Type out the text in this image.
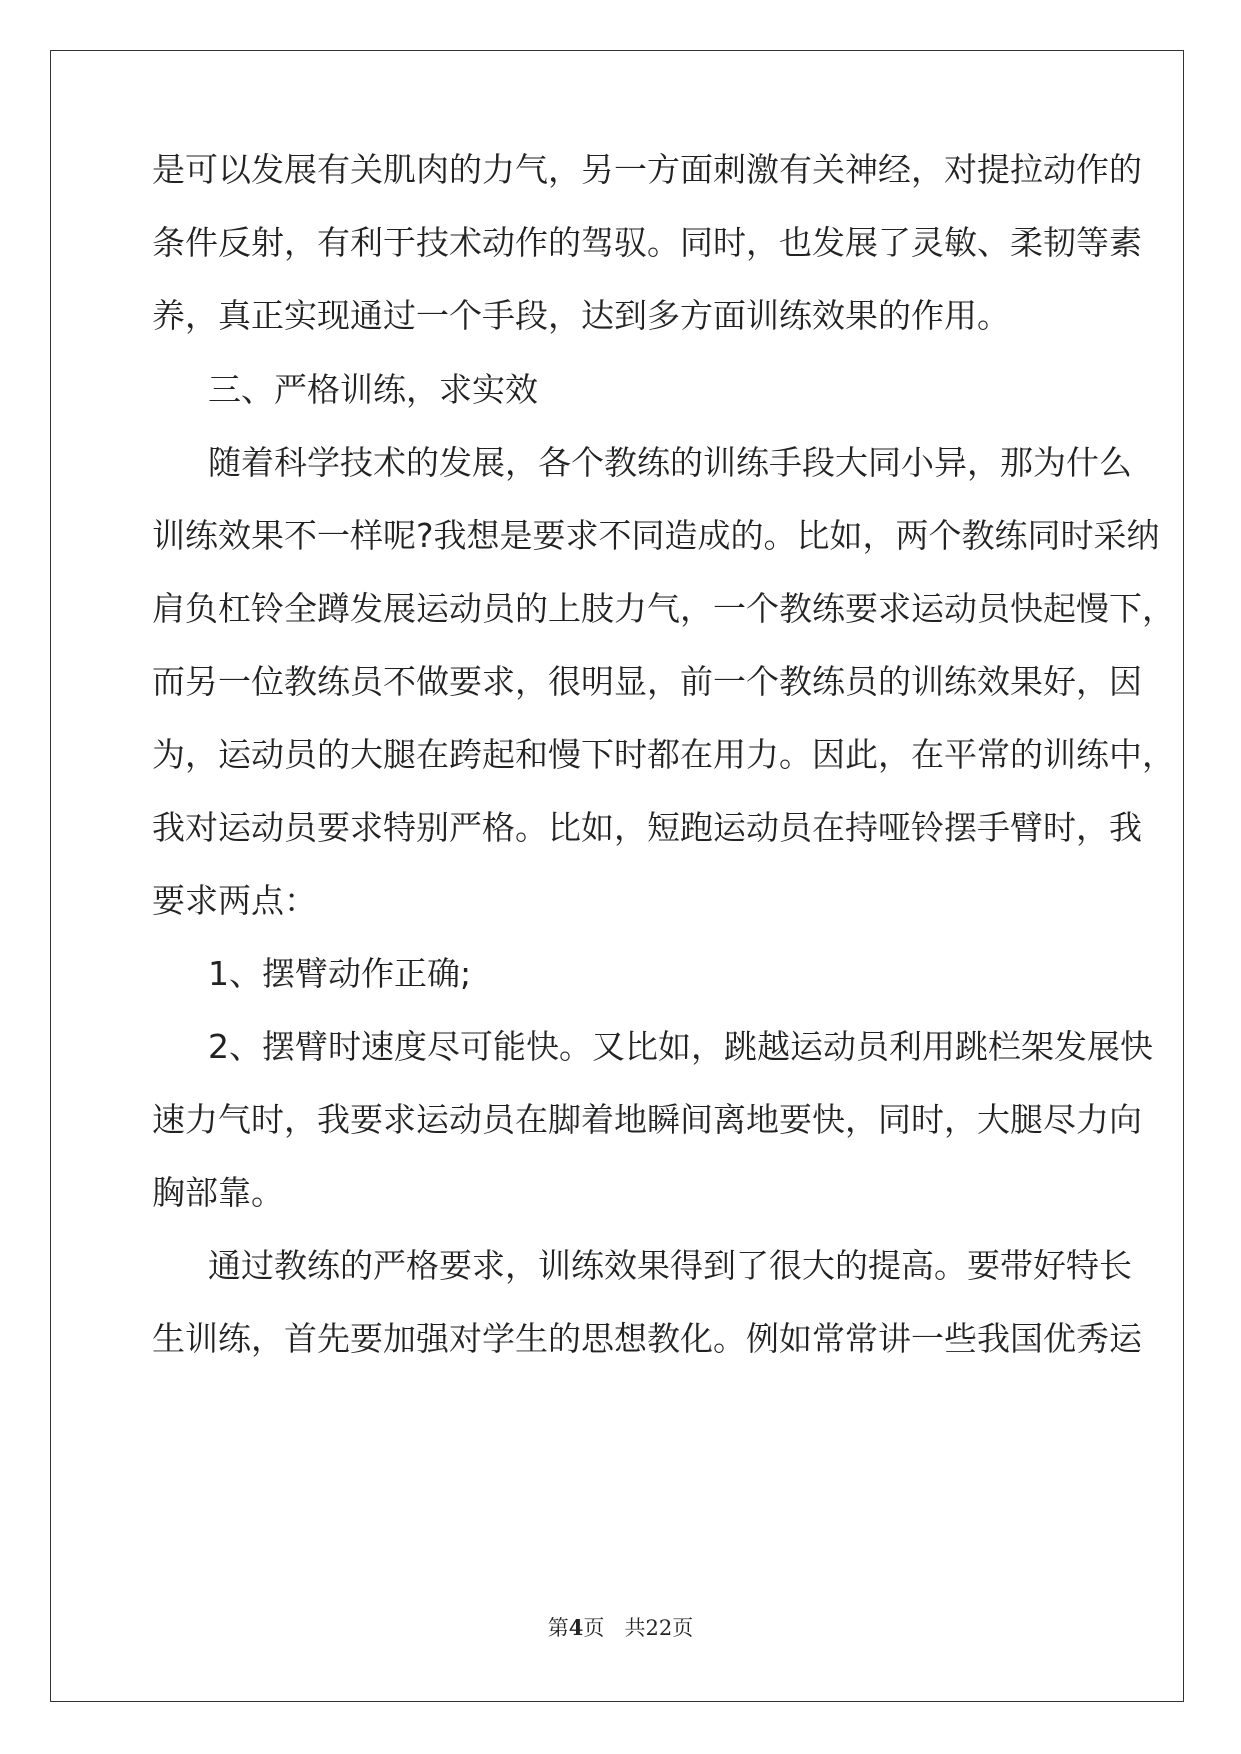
是可以发展有关肌肉的力气，另一方面刺激有关神经，对提拉动作的
条件反射，有利于技术动作的驾驭。同时，也发展了灵敏、柔韧等素
养，真正实现通过一个手段，达到多方面训练效果的作用。
三、严格训练，求实效
随着科学技术的发展，各个教练的训练手段大同小异，那为什么
训练效果不一样呢?我想是要求不同造成的。比如，两个教练同时采纳
肩负杠铃全蹲发展运动员的上肢力气，一个教练要求运动员快起慢下，
而另一位教练员不做要求，很明显，前一个教练员的训练效果好，因
为，运动员的大腿在跨起和慢下时都在用力。因此，在平常的训练中，
我对运动员要求特别严格。比如，短跑运动员在持哑铃摆手臂时，我
要求两点：
1、摆臂动作正确;
2、摆臂时速度尽可能快。又比如，跳越运动员利用跳栏架发展快
速力气时，我要求运动员在脚着地瞬间离地要快，同时，大腿尽力向
胸部靠。
通过教练的严格要求，训练效果得到了很大的提高。要带好特长
生训练，首先要加强对学生的思想教化。例如常常讲一些我国优秀运
第4页 共22页
